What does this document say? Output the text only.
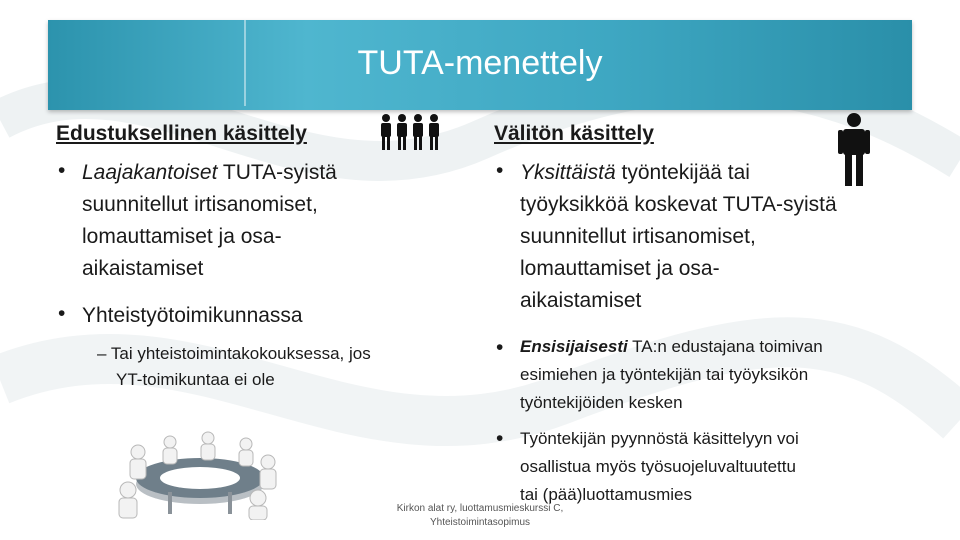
TUTA-menettely
Edustuksellinen käsittely
• Laajakantoiset TUTA-syistä
suunnitellut irtisanomiset,
lomauttamiset ja osa-
aikaistamiset
• Yhteistyötoimikunnassa
– Tai yhteistoimintakokouksessa, jos
YT-toimikuntaa ei ole
Välitön käsittely
• Yksittäistä työntekijää tai
työyksikköä koskevat TUTA-syistä
suunnitellut irtisanomiset,
lomauttamiset ja osa-
aikaistamiset
• Ensisijaisesti TA:n edustajana toimivan
esimiehen ja työntekijän tai työyksikön
työntekijöiden kesken
• Työntekijän pyynnöstä käsittelyyn voi
osallistua myös työsuojeluvaltuutettu
tai (pää)luottamusmies
Kirkon alat ry, luottamusmieskurssi C,
Yhteistoimintasopimus
